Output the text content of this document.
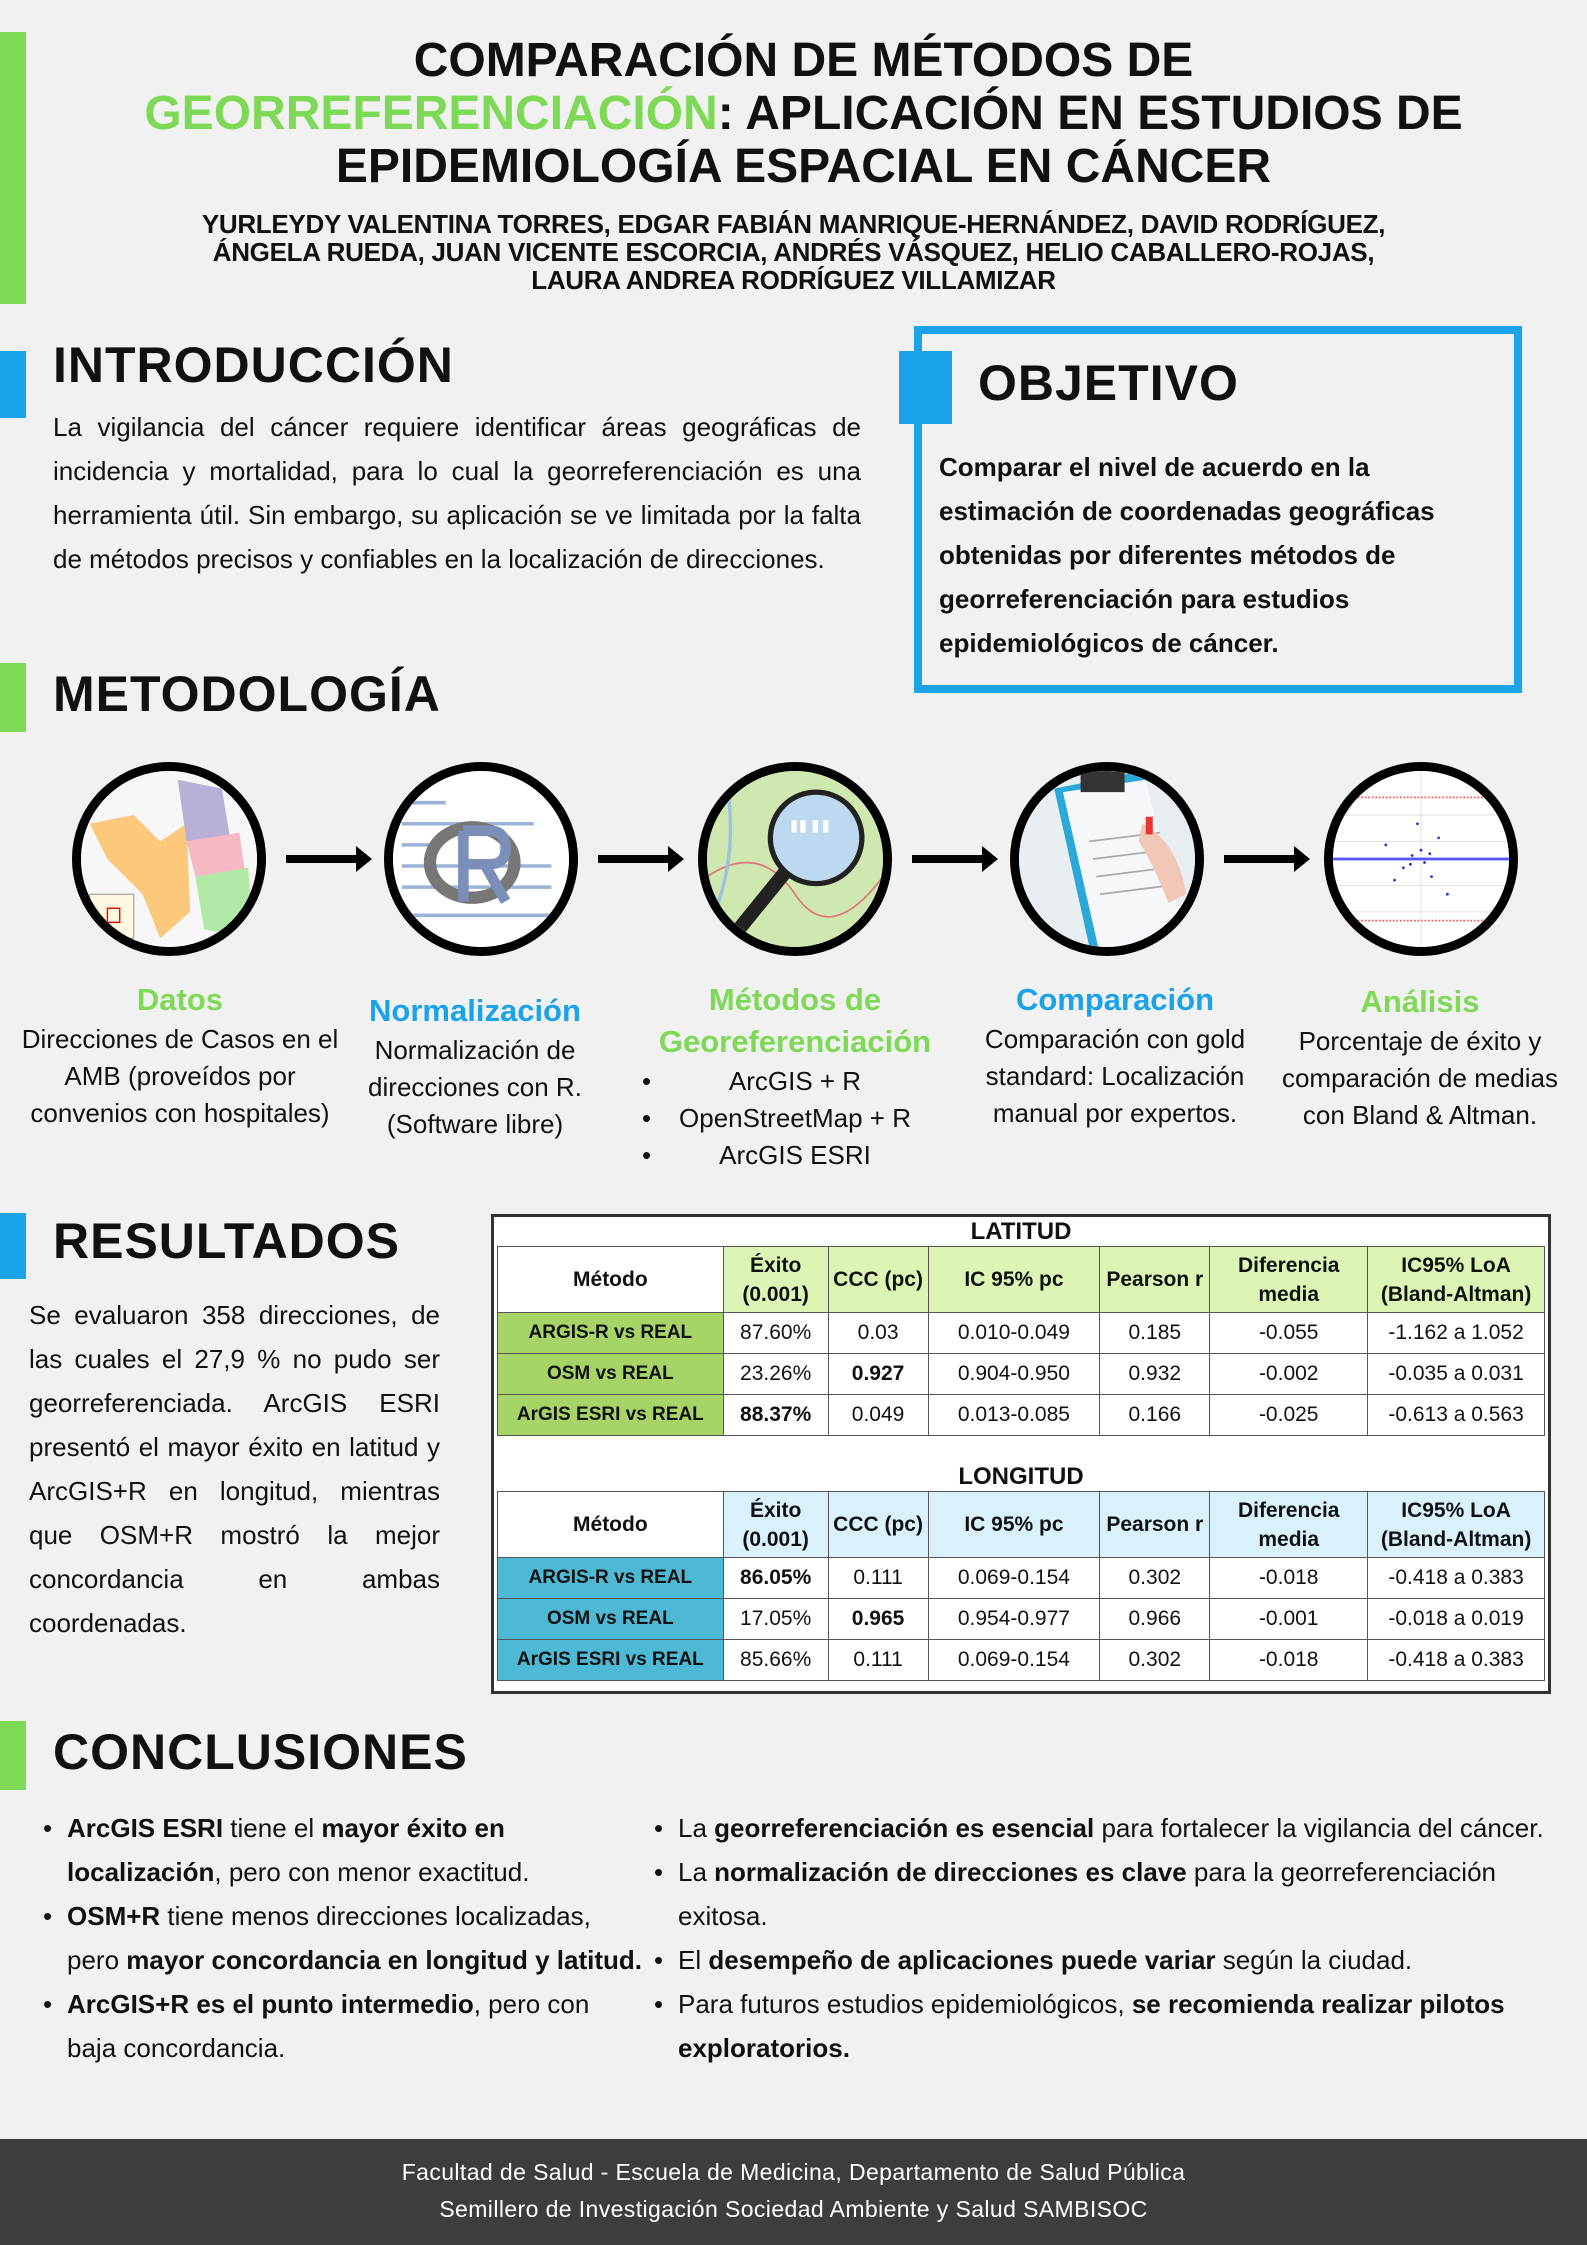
COMPARACIÓN DE MÉTODOS DE
GEORREFERENCIACIÓN: APLICACIÓN EN ESTUDIOS DE
EPIDEMIOLOGÍA ESPACIAL EN CÁNCER
YURLEYDY VALENTINA TORRES, EDGAR FABIÁN MANRIQUE-HERNÁNDEZ, DAVID RODRÍGUEZ,
ÁNGELA RUEDA, JUAN VICENTE ESCORCIA, ANDRÉS VÁSQUEZ, HELIO CABALLERO-ROJAS,
LAURA ANDREA RODRÍGUEZ VILLAMIZAR
INTRODUCCIÓN
La vigilancia del cáncer requiere identificar áreas geográficas de incidencia y mortalidad, para lo cual la georreferenciación es una herramienta útil. Sin embargo, su aplicación se ve limitada por la falta de métodos precisos y confiables en la localización de direcciones.
OBJETIVO
Comparar el nivel de acuerdo en la estimación de coordenadas geográficas obtenidas por diferentes métodos de georreferenciación para estudios epidemiológicos de cáncer.
METODOLOGÍA
Datos
Direcciones de Casos en el AMB (proveídos por convenios con hospitales)
Normalización
Normalización de direcciones con R. (Software libre)
Métodos de Georeferenciación
• ArcGIS + R
• OpenStreetMap + R
• ArcGIS ESRI
Comparación
Comparación con gold standard: Localización manual por expertos.
Análisis
Porcentaje de éxito y comparación de medias con Bland & Altman.
RESULTADOS
Se evaluaron 358 direcciones, de las cuales el 27,9 % no pudo ser georreferenciada. ArcGIS ESRI presentó el mayor éxito en latitud y ArcGIS+R en longitud, mientras que OSM+R mostró la mejor concordancia en ambas coordenadas.
LATITUD
Método	Éxito (0.001)	CCC (pc)	IC 95% pc	Pearson r	Diferencia media	IC95% LoA (Bland-Altman)
ARGIS-R vs REAL	87.60%	0.03	0.010-0.049	0.185	-0.055	-1.162 a 1.052
OSM vs REAL	23.26%	0.927	0.904-0.950	0.932	-0.002	-0.035 a 0.031
ArGIS ESRI vs REAL	88.37%	0.049	0.013-0.085	0.166	-0.025	-0.613 a 0.563
LONGITUD
Método	Éxito (0.001)	CCC (pc)	IC 95% pc	Pearson r	Diferencia media	IC95% LoA (Bland-Altman)
ARGIS-R vs REAL	86.05%	0.111	0.069-0.154	0.302	-0.018	-0.418 a 0.383
OSM vs REAL	17.05%	0.965	0.954-0.977	0.966	-0.001	-0.018 a 0.019
ArGIS ESRI vs REAL	85.66%	0.111	0.069-0.154	0.302	-0.018	-0.418 a 0.383
CONCLUSIONES
• ArcGIS ESRI tiene el mayor éxito en localización, pero con menor exactitud.
• OSM+R tiene menos direcciones localizadas, pero mayor concordancia en longitud y latitud.
• ArcGIS+R es el punto intermedio, pero con baja concordancia.
• La georreferenciación es esencial para fortalecer la vigilancia del cáncer.
• La normalización de direcciones es clave para la georreferenciación exitosa.
• El desempeño de aplicaciones puede variar según la ciudad.
• Para futuros estudios epidemiológicos, se recomienda realizar pilotos exploratorios.
Facultad de Salud - Escuela de Medicina, Departamento de Salud Pública
Semillero de Investigación Sociedad Ambiente y Salud SAMBISOC
